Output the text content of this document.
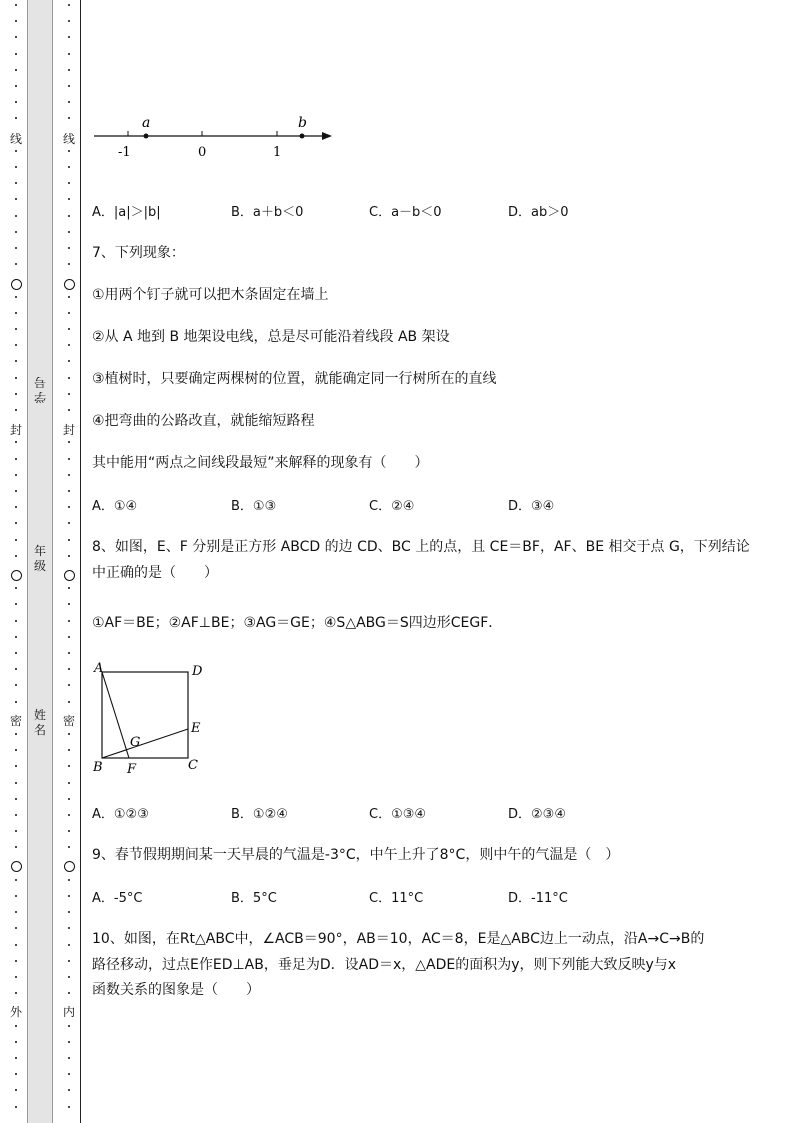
线
封
密
外
线
封
密
内
学号
年级
姓名
a	b
-1	0	1
A．|a|＞|b|	B．a＋b＜0	C．a－b＜0	D．ab＞0
7、下列现象：
①用两个钉子就可以把木条固定在墙上
②从 A 地到 B 地架设电线，总是尽可能沿着线段 AB 架设
③植树时，只要确定两棵树的位置，就能确定同一行树所在的直线
④把弯曲的公路改直，就能缩短路程
其中能用“两点之间线段最短”来解释的现象有（　　）
A．①④	B．①③	C．②④	D．③④
8、如图，E、F 分别是正方形 ABCD 的边 CD、BC 上的点，且 CE＝BF，AF、BE 相交于点 G，下列结论
中正确的是（　　）
①AF＝BE；②AF⊥BE；③AG＝GE；④S△ABG＝S四边形CEGF．
A	D
B	C
E
F
G
A．①②③	B．①②④	C．①③④	D．②③④
9、春节假期期间某一天早晨的气温是-3°C，中午上升了8°C，则中午的气温是（　）
A．-5°C	B．5°C	C．11°C	D．-11°C
10、如图，在Rt△ABC中，∠ACB＝90°，AB＝10，AC＝8，E是△ABC边上一动点，沿A→C→B的
路径移动，过点E作ED⊥AB，垂足为D．设AD＝x，△ADE的面积为y，则下列能大致反映y与x
函数关系的图象是（　　）
